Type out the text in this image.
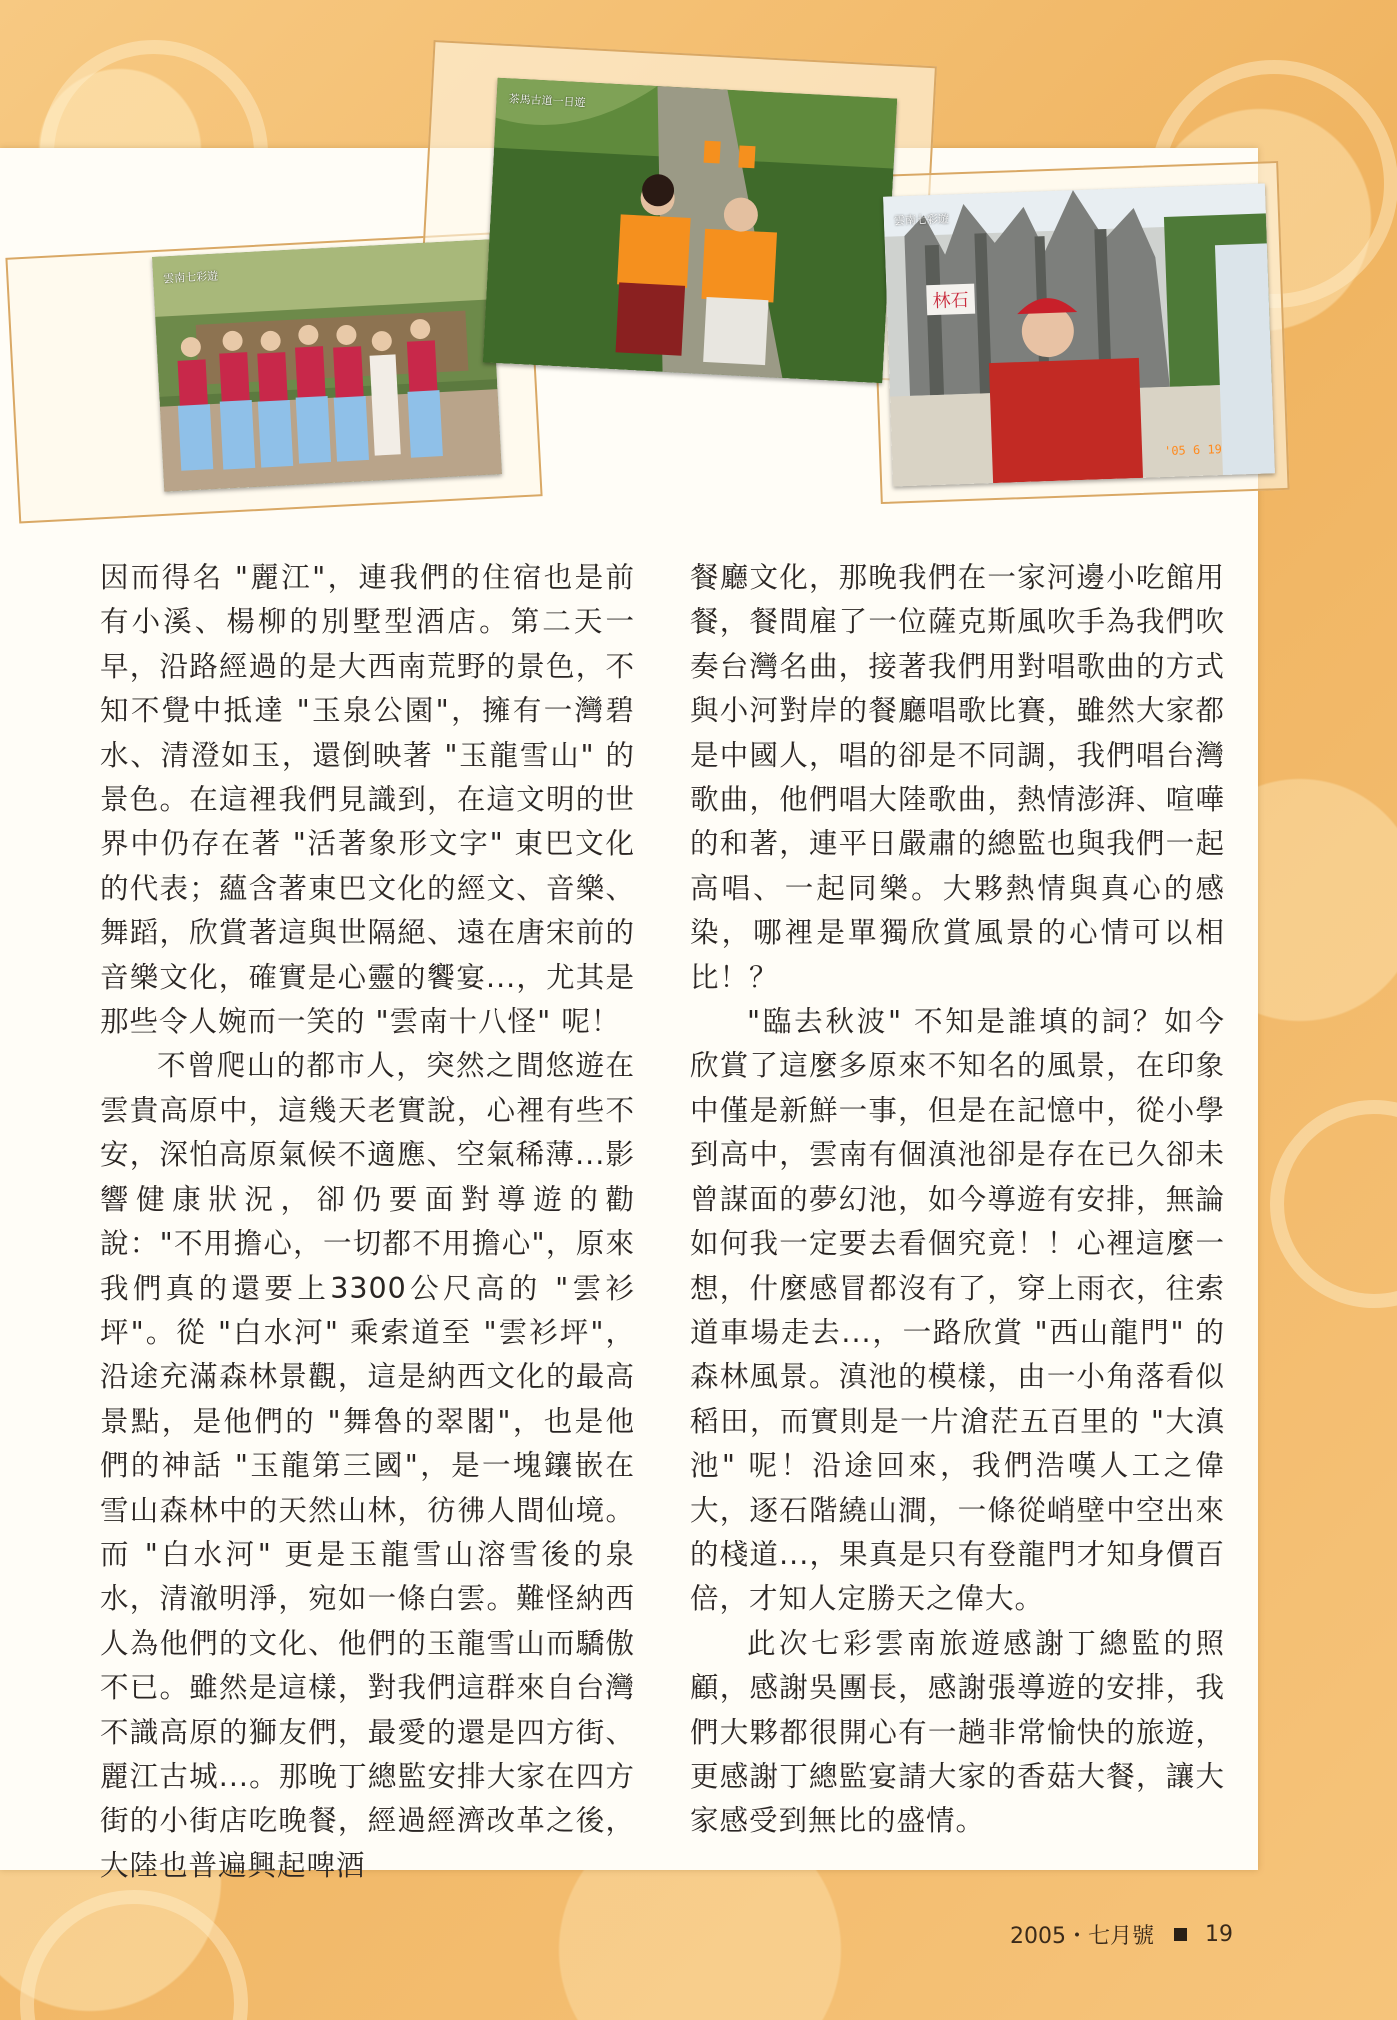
雲南七彩遊
茶馬古道一日遊
林石
'05 6 19
雲南七彩遊

因而得名 "麗江"，連我們的住宿也是前有小溪、楊柳的別墅型酒店。第二天一早，沿路經過的是大西南荒野的景色，不知不覺中抵達 "玉泉公園"，擁有一灣碧水、清澄如玉，還倒映著 "玉龍雪山" 的景色。在這裡我們見識到，在這文明的世界中仍存在著 "活著象形文字" 東巴文化的代表；蘊含著東巴文化的經文、音樂、舞蹈，欣賞著這與世隔絕、遠在唐宋前的音樂文化，確實是心靈的饗宴...，尤其是那些令人婉而一笑的 "雲南十八怪" 呢！

不曾爬山的都市人，突然之間悠遊在雲貴高原中，這幾天老實說，心裡有些不安，深怕高原氣候不適應、空氣稀薄...影響健康狀況，卻仍要面對導遊的勸說："不用擔心，一切都不用擔心"，原來我們真的還要上3300公尺高的 "雲衫坪"。從 "白水河" 乘索道至 "雲衫坪"，沿途充滿森林景觀，這是納西文化的最高景點，是他們的 "舞魯的翠閣"，也是他們的神話 "玉龍第三國"，是一塊鑲嵌在雪山森林中的天然山林，彷彿人間仙境。而 "白水河" 更是玉龍雪山溶雪後的泉水，清澈明淨，宛如一條白雲。難怪納西人為他們的文化、他們的玉龍雪山而驕傲不已。雖然是這樣，對我們這群來自台灣不識高原的獅友們，最愛的還是四方街、麗江古城...。那晚丁總監安排大家在四方街的小街店吃晚餐，經過經濟改革之後，大陸也普遍興起啤酒

餐廳文化，那晚我們在一家河邊小吃館用餐，餐間雇了一位薩克斯風吹手為我們吹奏台灣名曲，接著我們用對唱歌曲的方式與小河對岸的餐廳唱歌比賽，雖然大家都是中國人，唱的卻是不同調，我們唱台灣歌曲，他們唱大陸歌曲，熱情澎湃、喧嘩的和著，連平日嚴肅的總監也與我們一起高唱、一起同樂。大夥熱情與真心的感染，哪裡是單獨欣賞風景的心情可以相比！？

"臨去秋波" 不知是誰填的詞？如今欣賞了這麼多原來不知名的風景，在印象中僅是新鮮一事，但是在記憶中，從小學到高中，雲南有個滇池卻是存在已久卻未曾謀面的夢幻池，如今導遊有安排，無論如何我一定要去看個究竟！！心裡這麼一想，什麼感冒都沒有了，穿上雨衣，往索道車場走去...，一路欣賞 "西山龍門" 的森林風景。滇池的模樣，由一小角落看似稻田，而實則是一片滄茫五百里的 "大滇池" 呢！沿途回來，我們浩嘆人工之偉大，逐石階繞山澗，一條從峭壁中空出來的棧道...，果真是只有登龍門才知身價百倍，才知人定勝天之偉大。

此次七彩雲南旅遊感謝丁總監的照顧，感謝吳團長，感謝張導遊的安排，我們大夥都很開心有一趟非常愉快的旅遊，更感謝丁總監宴請大家的香菇大餐，讓大家感受到無比的盛情。

2005・七月號 19
